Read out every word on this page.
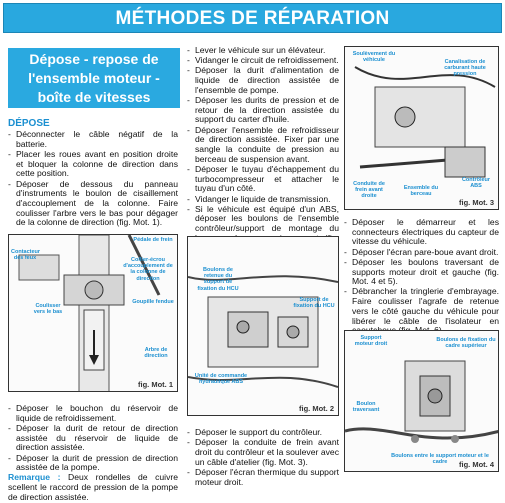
MÉTHODES DE RÉPARATION
Dépose - repose de
l'ensemble moteur -
boîte de vitesses
DÉPOSE
- Déconnecter le câble négatif de la batterie.
- Placer les roues avant en position droite et bloquer la colonne de direction dans cette position.
- Déposer de dessous du panneau d'instruments le boulon de cisaillement d'accouplement de la colonne. Faire coulisser l'arbre vers le bas pour dégager de la colonne de direction (fig. Mot. 1).
Pédale de frein
Contacteur des feux	Collier-écrou d'accouplement de la colonne de direction
Goupille fendue
Coulisser vers le bas
Arbre de direction
fig. Mot. 1
- Déposer le bouchon du réservoir de liquide de refroidissement.
- Déposer la durit de retour de direction assistée du réservoir de liquide de direction assistée.
- Déposer la durit de pression de direction assistée de la pompe.
Remarque : Deux rondelles de cuivre scellent le raccord de pression de la pompe de direction assistée.
- Lever le véhicule sur un élévateur.
- Vidanger le circuit de refroidissement.
- Déposer la durit d'alimentation de liquide de direction assistée de l'ensemble de pompe.
- Déposer les durits de pression et de retour de la direction assistée du support du carter d'huile.
- Déposer l'ensemble de refroidisseur de direction assistée. Fixer par une sangle la conduite de pression au berceau de suspension avant.
- Déposer le tuyau d'échappement du turbocompresseur et attacher le tuyau d'un côté.
- Vidanger le liquide de transmission.
- Si le véhicule est équipé d'un ABS, déposer les boulons de l'ensemble contrôleur/support de montage du
Boulons de retenue du support de fixation du HCU
Support de fixation du HCU
Unité de commande hydraulique ABS
fig. Mot. 2
- Déposer le support du contrôleur.
- Déposer la conduite de frein avant droit du contrôleur et la soulever avec un câble d'atelier (fig. Mot. 3).
- Déposer l'écran thermique du support moteur droit.
Soulèvement du véhicule	Canalisation de carburant haute pression
Conduite de frein avant droite
Ensemble du berceau
Contrôleur ABS
fig. Mot. 3
- Déposer le démarreur et les connecteurs électriques du capteur de vitesse du véhicule.
- Déposer l'écran pare-boue avant droit.
- Déposer les boulons traversant de supports moteur droit et gauche (fig. Mot. 4 et 5).
- Débrancher la tringlerie d'embrayage. Faire coulisser l'agrafe de retenue vers le côté gauche du véhicule pour libérer le câble de l'isolateur en
Support moteur droit
Boulons de fixation du cadre supérieur
Boulon traversant
Boulons entre le support moteur et le cadre	fig. Mot. 4
